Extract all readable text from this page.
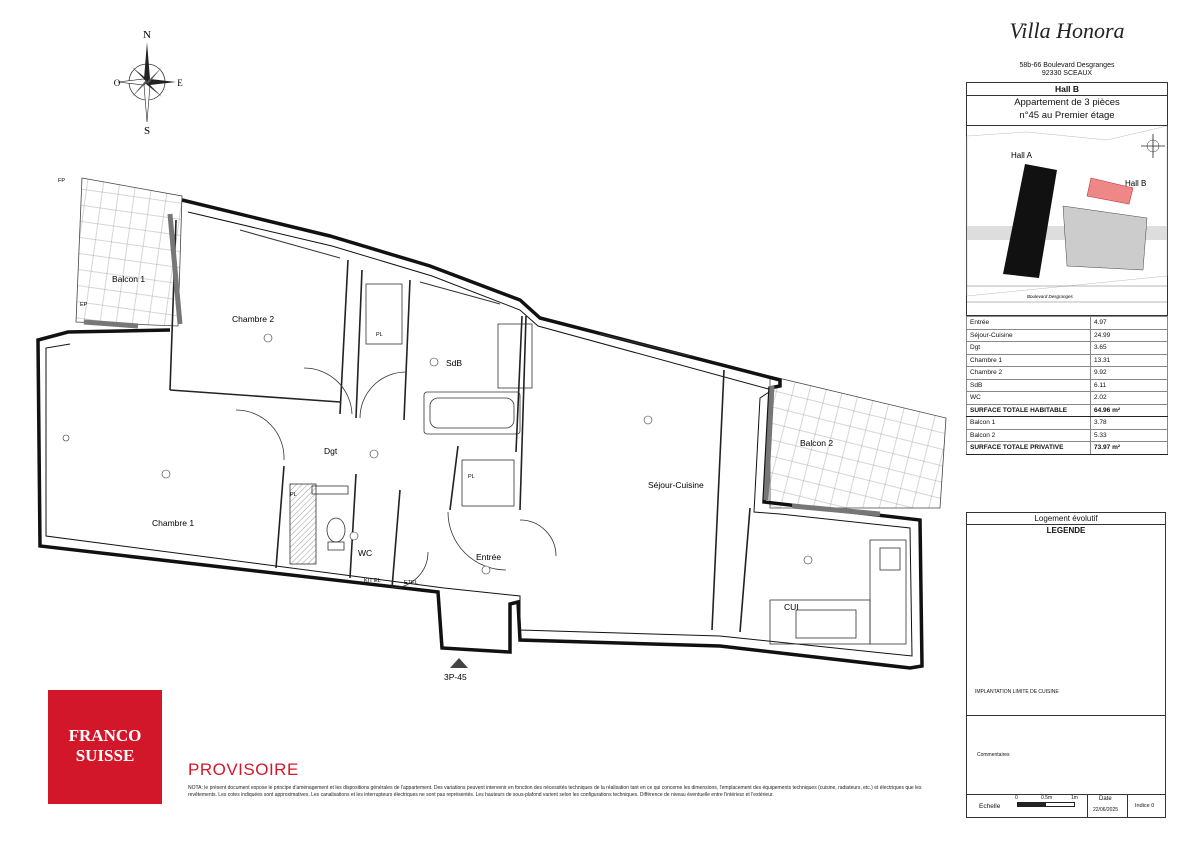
N
E
S
O
Balcon 1
Chambre 2
Chambre 1
Dgt
SdB
WC	Entrée
Séjour-Cuisine
Balcon 2
CUI
PL
PL
PL
EP
FP
KIT EL	ETEL
3P-45
Villa Honora
58b-66 Boulevard Desgranges
92330 SCEAUX
Hall B
Appartement de 3 pièces
n°45 au Premier étage
Hall A
Hall B
Boulevard Desgranges
Entrée	4.97
Séjour-Cuisine	24.99
Dgt	3.65
Chambre 1	13.31
Chambre 2	9.92
SdB	6.11
WC	2.02
SURFACE TOTALE HABITABLE	64.96 m²
Balcon 1	3.78
Balcon 2	5.33
SURFACE TOTALE PRIVATIVE	73.97 m²
Logement évolutif
LEGENDE
IMPLANTATION LIMITE DE CUISINE
Commentaires
Echelle
0	0.5m	1m	Date
22/06/2025
Indice 0
FRANCO
SUISSE
PROVISOIRE
NOTA: le présent document expose le principe d'aménagement et les dispositions générales de l'appartement. Des variations peuvent intervenir en fonction des nécessités techniques de la réalisation tant en ce qui concerne les dimensions, l'emplacement des équipements techniques (cuisine, radiateurs, etc.) et électriques que les revêtements. Les cotes indiquées sont approximatives. Les canalisations et les interrupteurs électriques ne sont pas représentés. Les hauteurs de sous-plafond varient selon les configurations techniques. Différence de niveau éventuelle entre l'intérieur et l'extérieur.
